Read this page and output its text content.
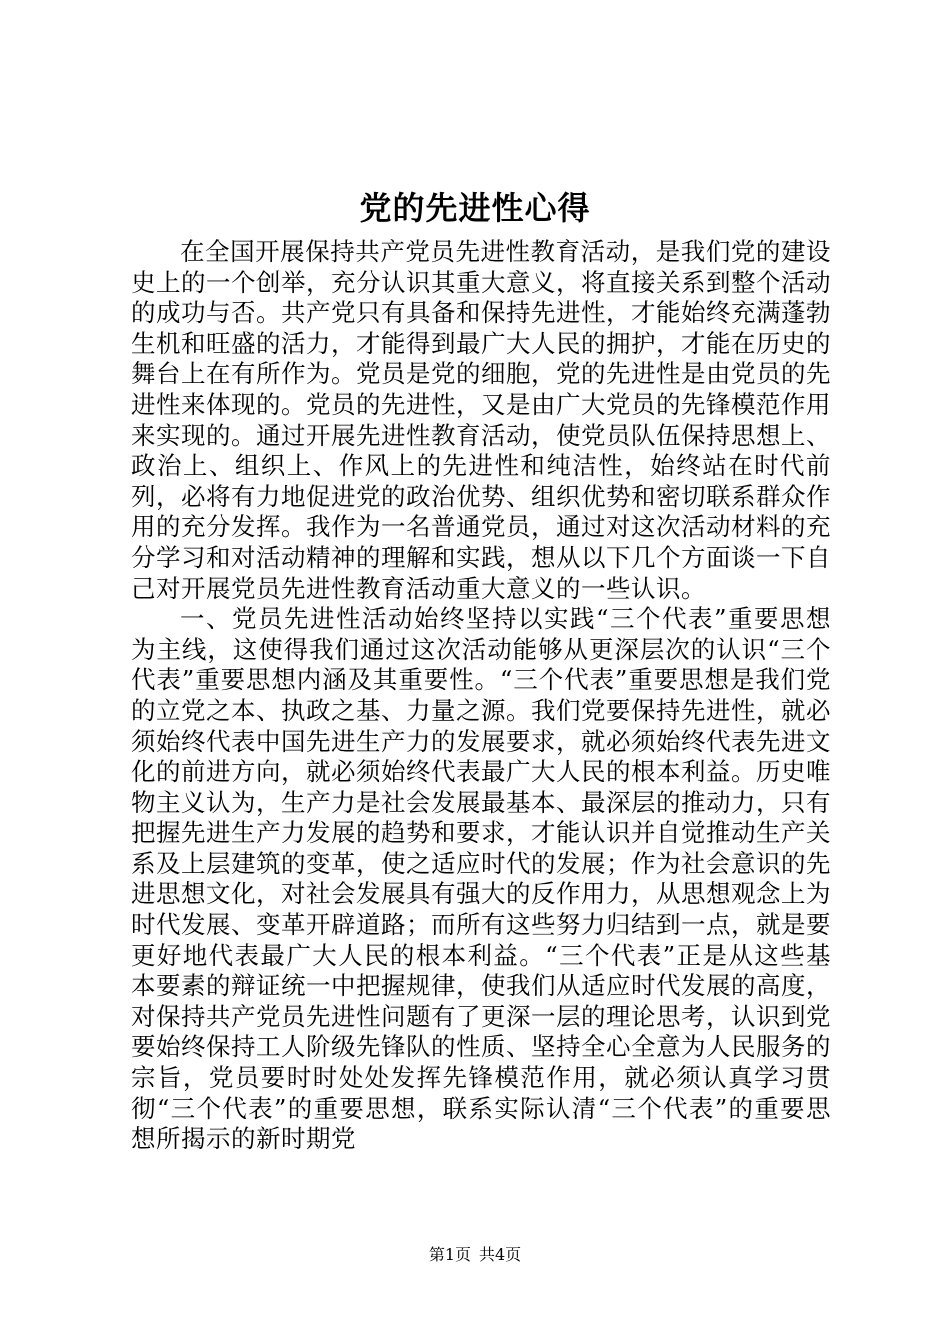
党的先进性心得

在全国开展保持共产党员先进性教育活动，是我们党的建设史上的一个创举，充分认识其重大意义，将直接关系到整个活动的成功与否。共产党只有具备和保持先进性，才能始终充满蓬勃生机和旺盛的活力，才能得到最广大人民的拥护，才能在历史的舞台上在有所作为。党员是党的细胞，党的先进性是由党员的先进性来体现的。党员的先进性，又是由广大党员的先锋模范作用来实现的。通过开展先进性教育活动，使党员队伍保持思想上、政治上、组织上、作风上的先进性和纯洁性，始终站在时代前列，必将有力地促进党的政治优势、组织优势和密切联系群众作用的充分发挥。我作为一名普通党员，通过对这次活动材料的充分学习和对活动精神的理解和实践，想从以下几个方面谈一下自己对开展党员先进性教育活动重大意义的一些认识。

一、党员先进性活动始终坚持以实践“三个代表”重要思想为主线，这使得我们通过这次活动能够从更深层次的认识“三个代表”重要思想内涵及其重要性。“三个代表”重要思想是我们党的立党之本、执政之基、力量之源。我们党要保持先进性，就必须始终代表中国先进生产力的发展要求，就必须始终代表先进文化的前进方向，就必须始终代表最广大人民的根本利益。历史唯物主义认为，生产力是社会发展最基本、最深层的推动力，只有把握先进生产力发展的趋势和要求，才能认识并自觉推动生产关系及上层建筑的变革，使之适应时代的发展；作为社会意识的先进思想文化，对社会发展具有强大的反作用力，从思想观念上为时代发展、变革开辟道路；而所有这些努力归结到一点，就是要更好地代表最广大人民的根本利益。“三个代表”正是从这些基本要素的辩证统一中把握规律，使我们从适应时代发展的高度，对保持共产党员先进性问题有了更深一层的理论思考，认识到党要始终保持工人阶级先锋队的性质、坚持全心全意为人民服务的宗旨，党员要时时处处发挥先锋模范作用，就必须认真学习贯彻“三个代表”的重要思想，联系实际认清“三个代表”的重要思想所揭示的新时期党

第1页 共4页
